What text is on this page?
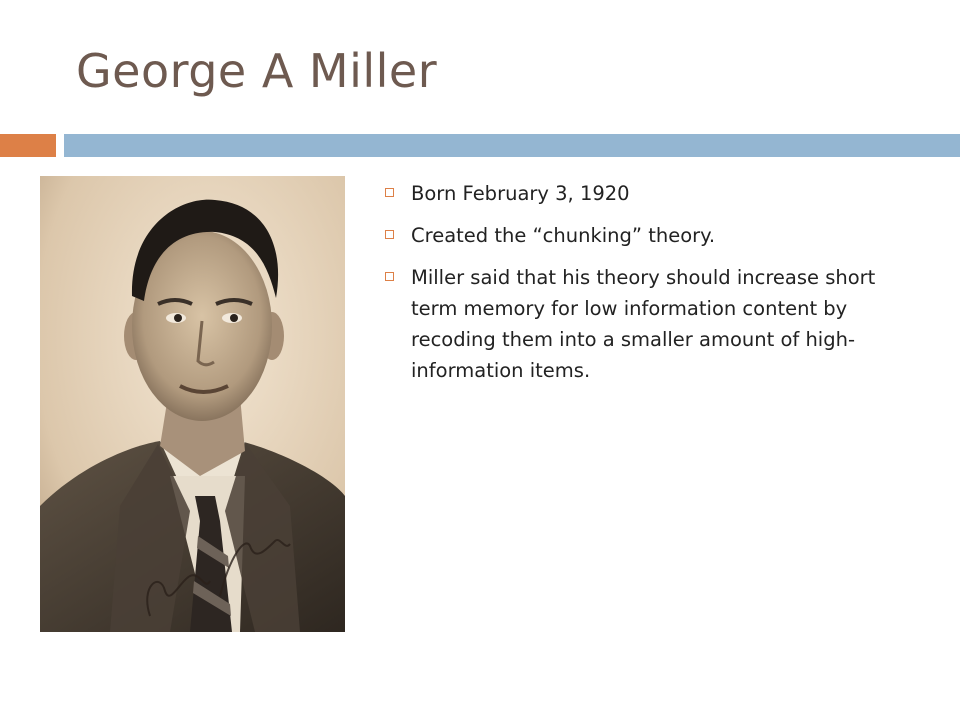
George A Miller
Born February 3, 1920
Created the “chunking” theory.
Miller said that his theory should increase short term memory for low information content by recoding them into a smaller amount of high-information items.
